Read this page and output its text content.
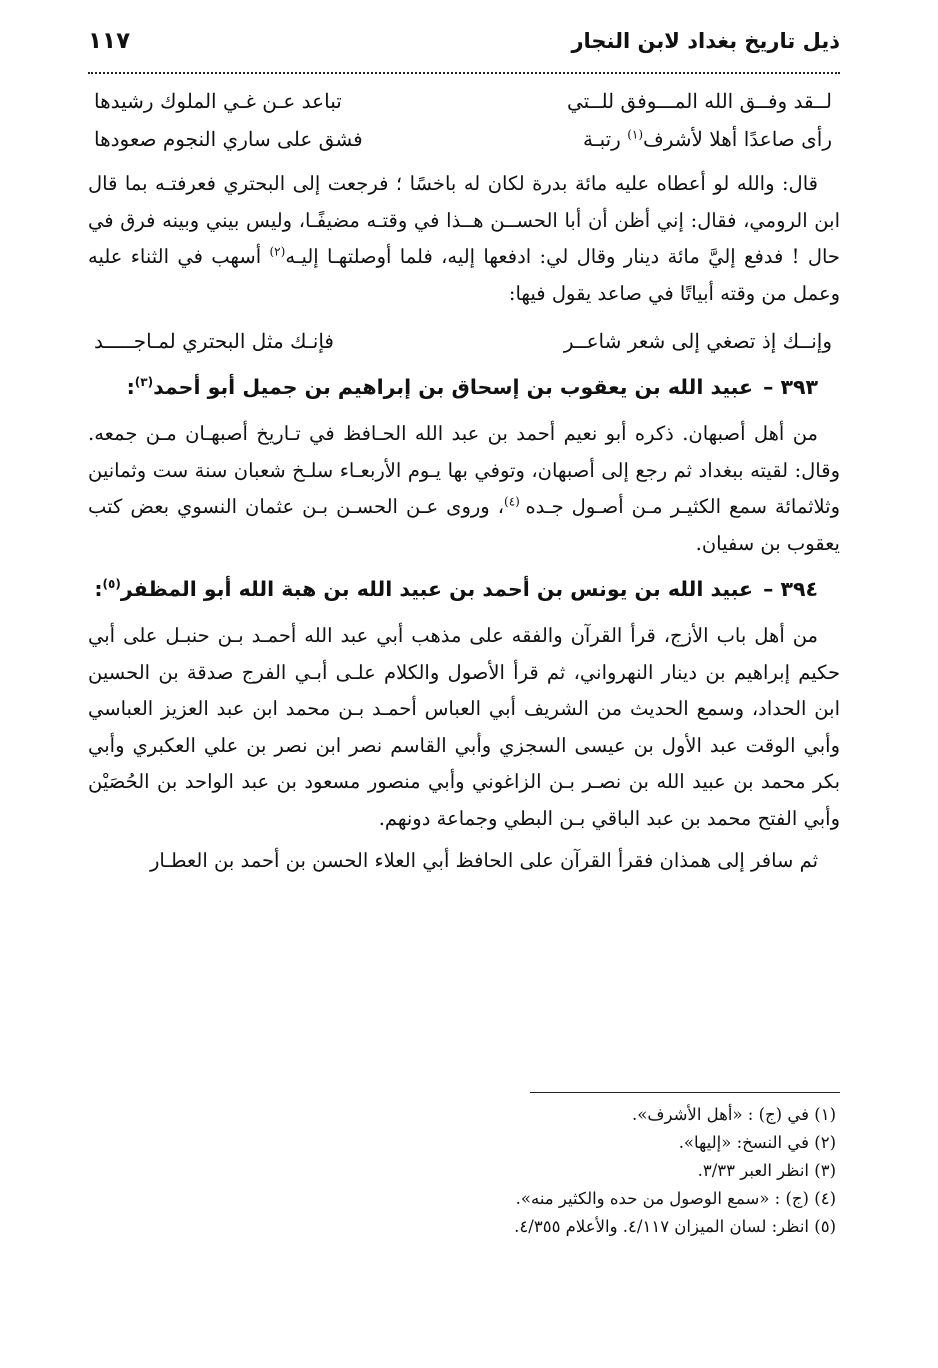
ذيل تاريخ بغداد لابن النجار
١١٧
لــقد وفــق الله المـــوفق للــتي
تباعد عـن غـي الملوك رشيدها
رأى صاعدًا أهلا لأشرف$^{(١)}$ رتبـة
فشق على ساري النجوم صعودها

قال: والله لو أعطاه عليه مائة بدرة لكان له باخسًا ؛ فرجعت إلى البحتري فعرفتـه بما قال ابن الرومي، فقال: إني أظن أن أبا الحســن هــذا في وقتـه مضيفًـا، وليس بيني وبينه فرق في حال ! فدفع إليَّ مائة دينار وقال لي: ادفعها إليه، فلما أوصلتهـا إليـه$^{(٢)}$ أسهب في الثناء عليه وعمل من وقته أبياتًا في صاعد يقول فيها:

وإنــك إذ تصغي إلى شعر شاعــر
فإنـك مثل البحتري لمـاجـــــد
٣٩٣ –عبيد الله بن يعقوب بن إسحاق بن إبراهيم بن جميل أبو أحمد$^{(٣)}$:

من أهل أصبهان. ذكره أبو نعيم أحمد بن عبد الله الحـافظ في تـاريخ أصبهـان مـن جمعه. وقال: لقيته ببغداد ثم رجع إلى أصبهان، وتوفي بها يـوم الأربعـاء سلـخ شعبان سنة ست وثمانين وثلاثمائة سمع الكثيـر مـن أصـول جـده $^{(٤)}$، وروى عـن الحسـن بـن عثمان النسوي بعض كتب يعقوب بن سفيان.

٣٩٤ –عبيد الله بن يونس بن أحمد بن عبيد الله بن هبة الله أبو المظفر$^{(٥)}$:

من أهل باب الأزج، قرأ القرآن والفقه على مذهب أبي عبد الله أحمـد بـن حنبـل على أبي حكيم إبراهيم بن دينار النهرواني، ثم قرأ الأصول والكلام علـى أبـي الفرج صدقة بن الحسين ابن الحداد، وسمع الحديث من الشريف أبي العباس أحمـد بـن محمد ابن عبد العزيز العباسي وأبي الوقت عبد الأول بن عيسى السجزي وأبي القاسم نصر ابن نصر بن علي العكبري وأبي بكر محمد بن عبيد الله بن نصـر بـن الزاغوني وأبي منصور مسعود بن عبد الواحد بن الحُصَيْن وأبي الفتح محمد بن عبد الباقي بـن البطي وجماعة دونهم.

ثم سافر إلى همذان فقرأ القرآن على الحافظ أبي العلاء الحسن بن أحمد بن العطـار

(١) في (ج) : «أهل الأشرف».
(٢) في النسخ: «إليها».
(٣) انظر العبر ٣/٣٣.
(٤) (ج) : «سمع الوصول من حده والكثير منه».
(٥) انظر: لسان الميزان ٤/١١٧. والأعلام ٤/٣٥٥.
